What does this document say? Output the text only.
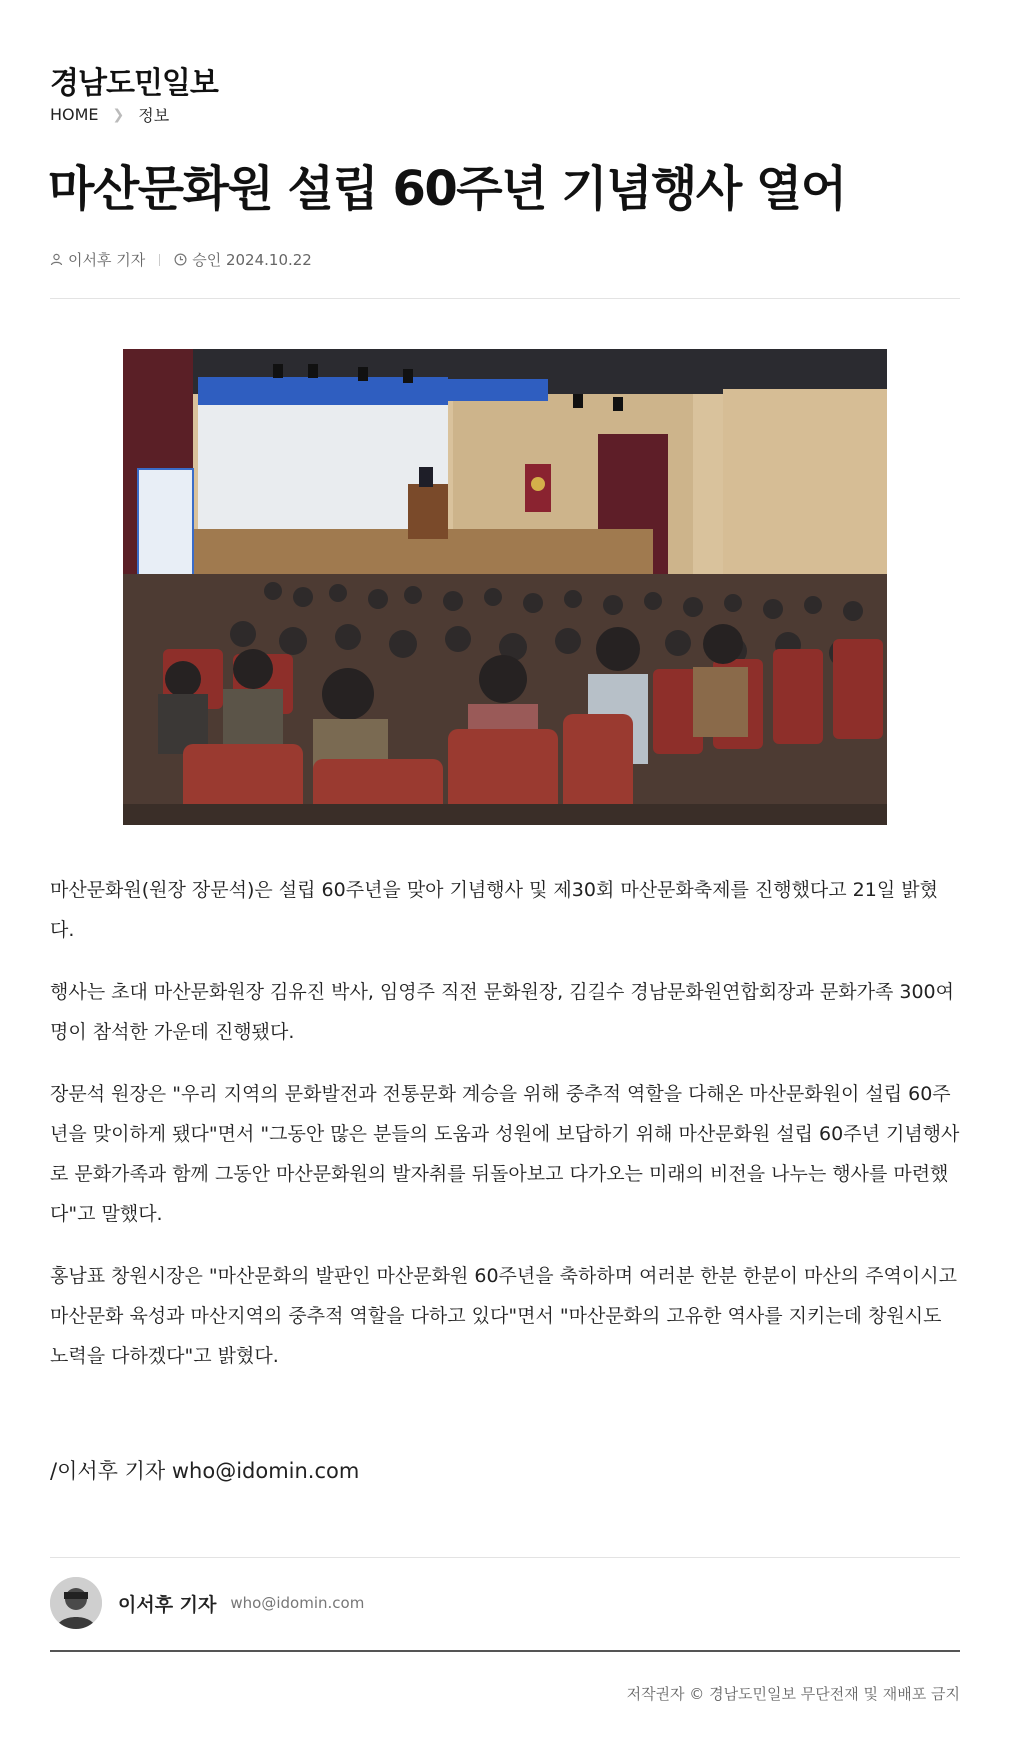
경남도민일보
HOME ❯ 정보
마산문화원 설립 60주년 기념행사 열어
이서후 기자	승인 2024.10.22

마산문화원(원장 장문석)은 설립 60주년을 맞아 기념행사 및 제30회 마산문화축제를 진행했다고 21일 밝혔다.

행사는 초대 마산문화원장 김유진 박사, 임영주 직전 문화원장, 김길수 경남문화원연합회장과 문화가족 300여 명이 참석한 가운데 진행됐다.

장문석 원장은 "우리 지역의 문화발전과 전통문화 계승을 위해 중추적 역할을 다해온 마산문화원이 설립 60주년을 맞이하게 됐다"면서 "그동안 많은 분들의 도움과 성원에 보답하기 위해 마산문화원 설립 60주년 기념행사로 문화가족과 함께 그동안 마산문화원의 발자취를 뒤돌아보고 다가오는 미래의 비전을 나누는 행사를 마련했다"고 말했다.

홍남표 창원시장은 "마산문화의 발판인 마산문화원 60주년을 축하하며 여러분 한분 한분이 마산의 주역이시고 마산문화 육성과 마산지역의 중추적 역할을 다하고 있다"면서 "마산문화의 고유한 역사를 지키는데 창원시도 노력을 다하겠다"고 밝혔다.

/이서후 기자 who@idomin.com
이서후 기자 who@idomin.com
저작권자 © 경남도민일보 무단전재 및 재배포 금지
